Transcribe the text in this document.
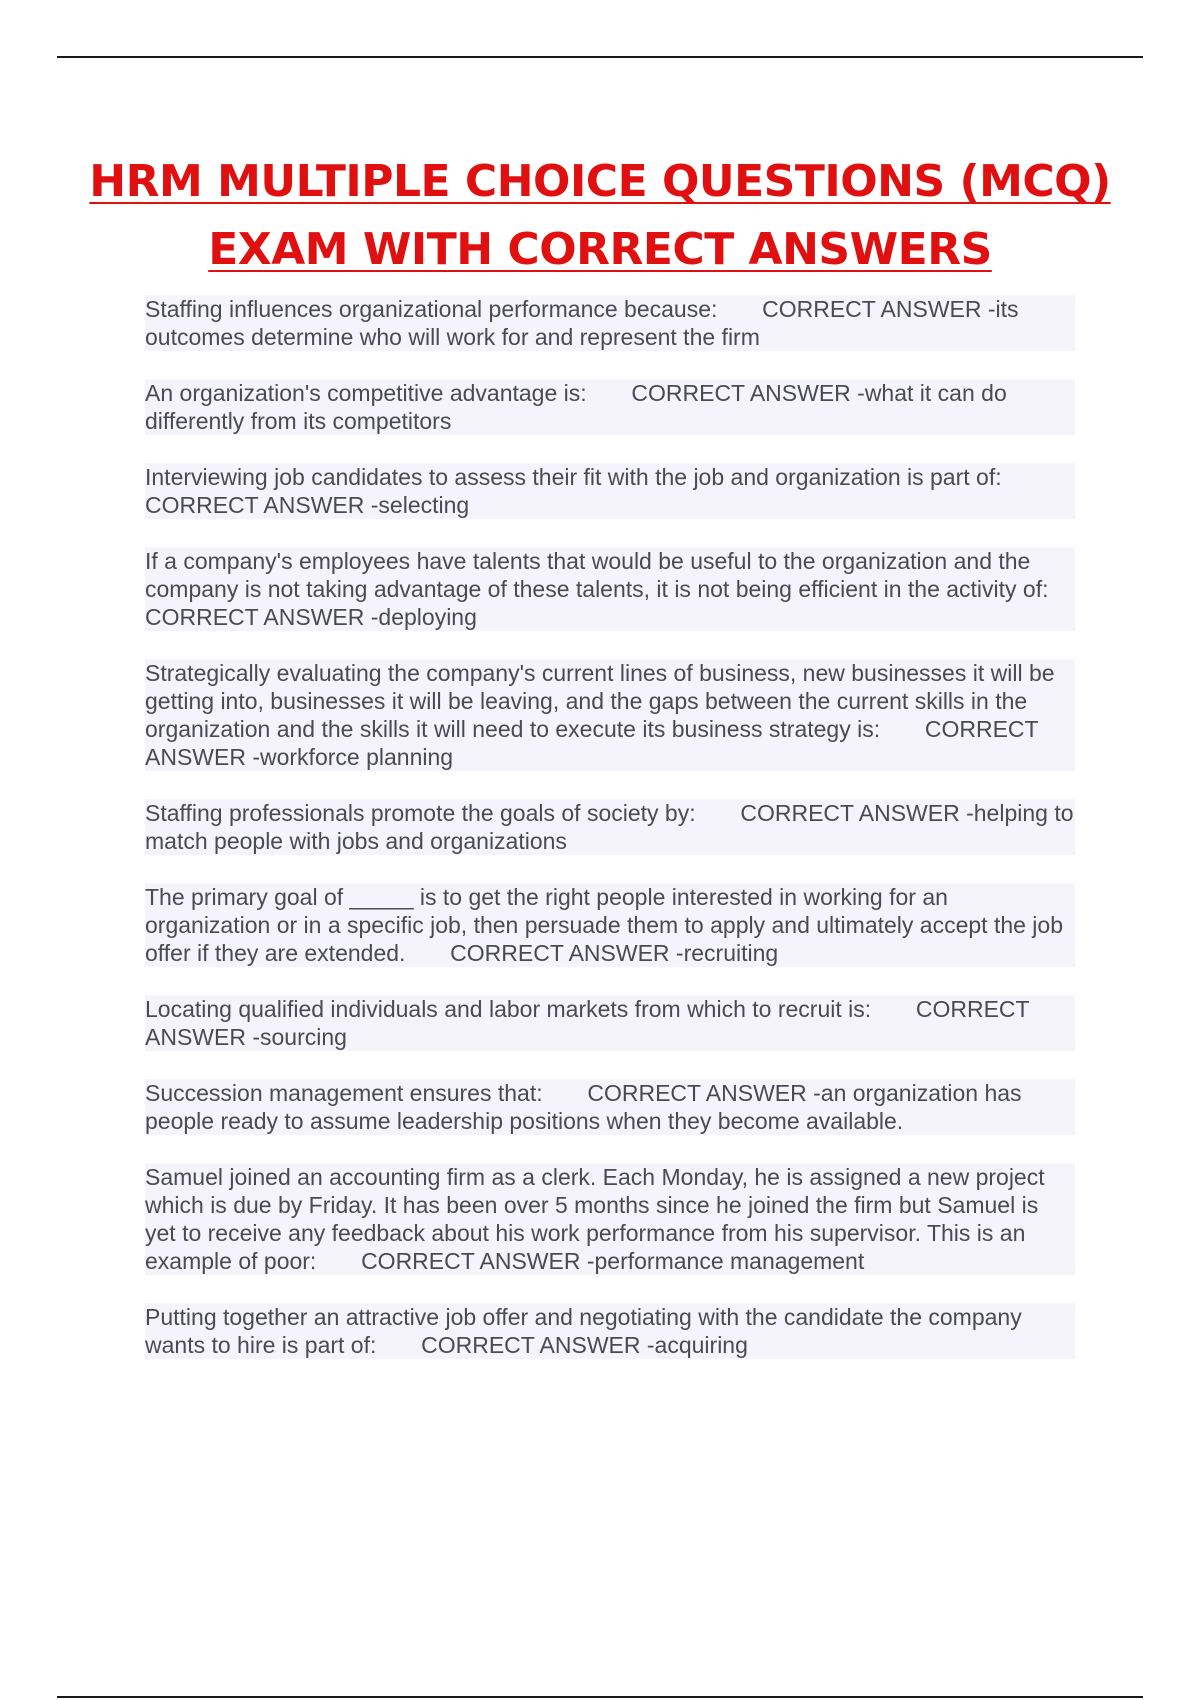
HRM MULTIPLE CHOICE QUESTIONS (MCQ)
EXAM WITH CORRECT ANSWERS

Staffing influences organizational performance because: CORRECT ANSWER -its outcomes determine who will work for and represent the firm

An organization's competitive advantage is: CORRECT ANSWER -what it can do differently from its competitors

Interviewing job candidates to assess their fit with the job and organization is part of:       CORRECT ANSWER -selecting

If a company's employees have talents that would be useful to the organization and the company is not taking advantage of these talents, it is not being efficient in the activity of:       CORRECT ANSWER -deploying

Strategically evaluating the company's current lines of business, new businesses it will be getting into, businesses it will be leaving, and the gaps between the current skills in the organization and the skills it will need to execute its business strategy is: CORRECT ANSWER -workforce planning

Staffing professionals promote the goals of society by: CORRECT ANSWER -helping to match people with jobs and organizations

The primary goal of _____ is to get the right people interested in working for an organization or in a specific job, then persuade them to apply and ultimately accept the job offer if they are extended. CORRECT ANSWER -recruiting

Locating qualified individuals and labor markets from which to recruit is: CORRECT ANSWER -sourcing

Succession management ensures that: CORRECT ANSWER -an organization has people ready to assume leadership positions when they become available.

Samuel joined an accounting firm as a clerk. Each Monday, he is assigned a new project which is due by Friday. It has been over 5 months since he joined the firm but Samuel is yet to receive any feedback about his work performance from his supervisor. This is an example of poor: CORRECT ANSWER -performance management

Putting together an attractive job offer and negotiating with the candidate the company wants to hire is part of: CORRECT ANSWER -acquiring
